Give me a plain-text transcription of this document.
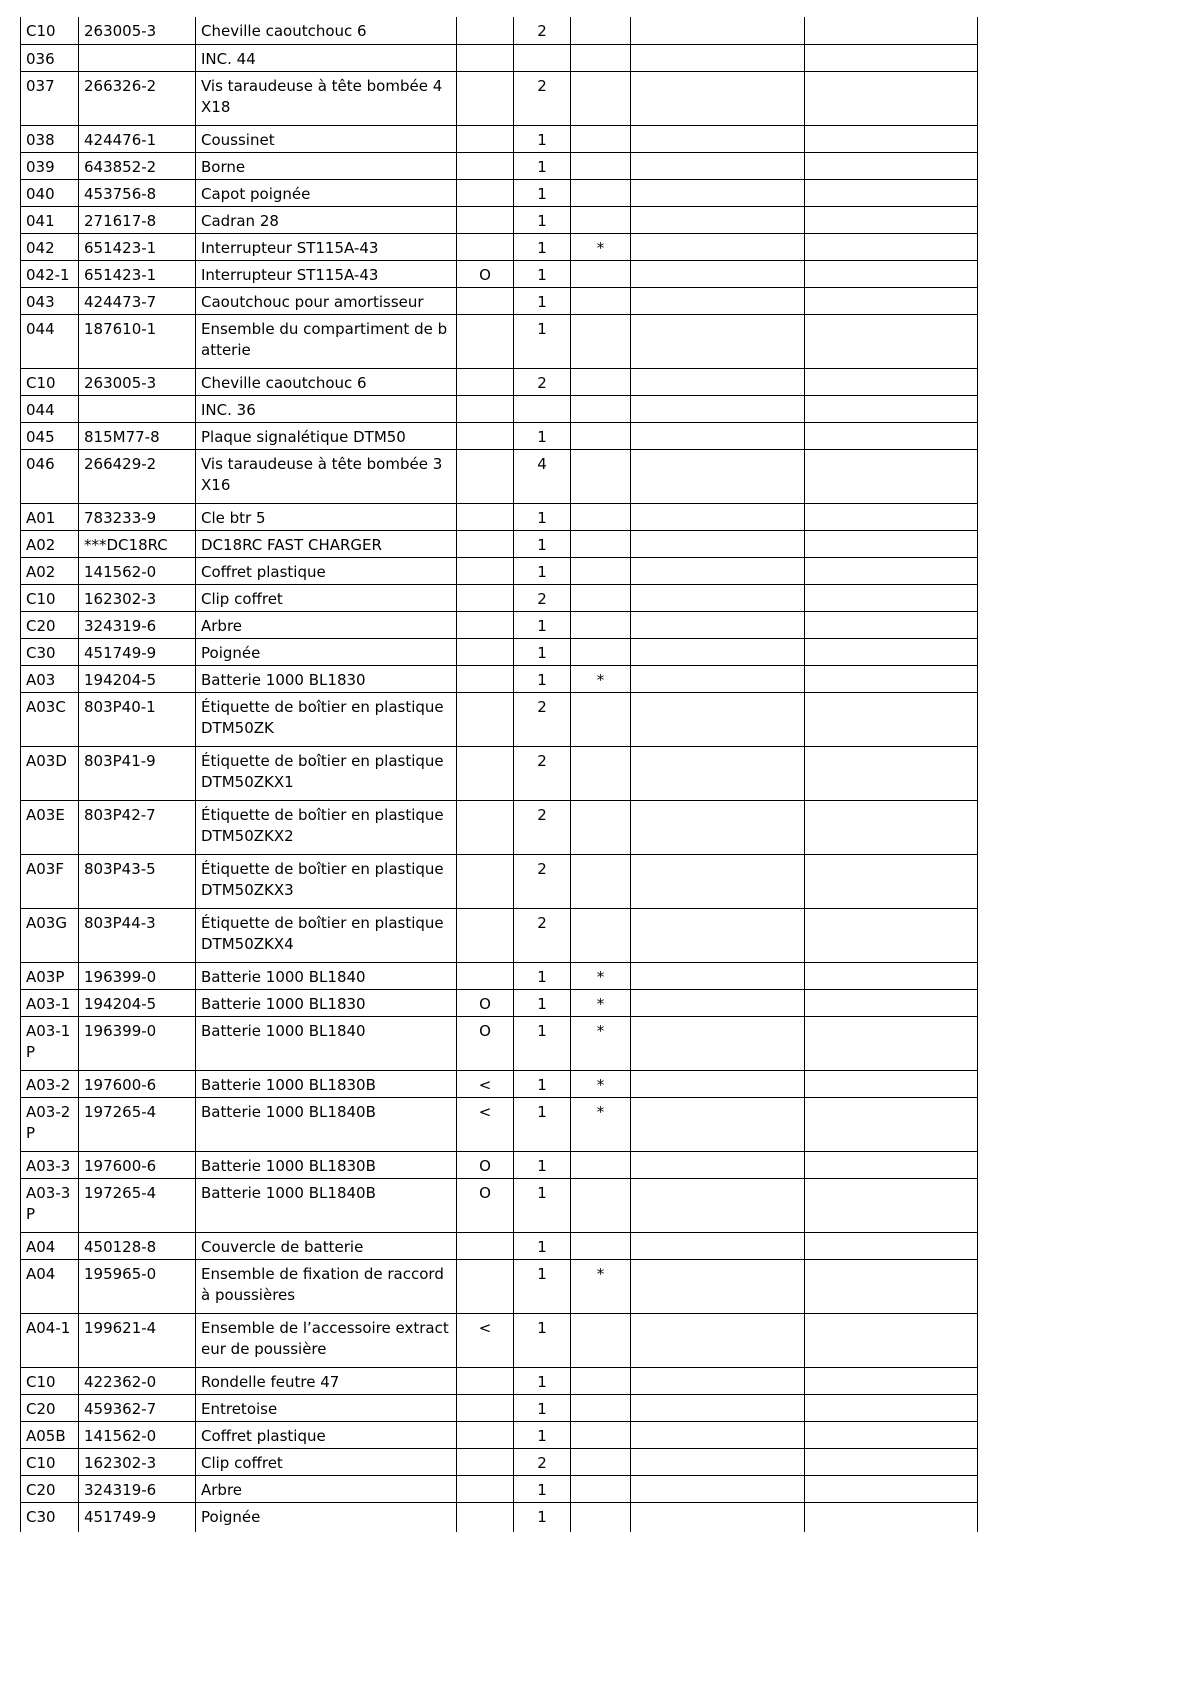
C10	263005-3	Cheville caoutchouc 6		2			
036		INC. 44					
037	266326-2	Vis taraudeuse à tête bombée 4X18		2			
038	424476-1	Coussinet		1			
039	643852-2	Borne		1			
040	453756-8	Capot poignée		1			
041	271617-8	Cadran 28		1			
042	651423-1	Interrupteur ST115A-43		1	*		
042-1	651423-1	Interrupteur ST115A-43	O	1			
043	424473-7	Caoutchouc pour amortisseur		1			
044	187610-1	Ensemble du compartiment de batterie		1			
C10	263005-3	Cheville caoutchouc 6		2			
044		INC. 36					
045	815M77-8	Plaque signalétique DTM50		1			
046	266429-2	Vis taraudeuse à tête bombée 3X16		4			
A01	783233-9	Cle btr 5		1			
A02	***DC18RC	DC18RC FAST CHARGER		1			
A02	141562-0	Coffret plastique		1			
C10	162302-3	Clip coffret		2			
C20	324319-6	Arbre		1			
C30	451749-9	Poignée		1			
A03	194204-5	Batterie 1000 BL1830		1	*		
A03C	803P40-1	Étiquette de boîtier en plastique DTM50ZK		2			
A03D	803P41-9	Étiquette de boîtier en plastique DTM50ZKX1		2			
A03E	803P42-7	Étiquette de boîtier en plastique DTM50ZKX2		2			
A03F	803P43-5	Étiquette de boîtier en plastique DTM50ZKX3		2			
A03G	803P44-3	Étiquette de boîtier en plastique DTM50ZKX4		2			
A03P	196399-0	Batterie 1000 BL1840		1	*		
A03-1	194204-5	Batterie 1000 BL1830	O	1	*		
A03-1P	196399-0	Batterie 1000 BL1840	O	1	*		
A03-2	197600-6	Batterie 1000 BL1830B	<	1	*		
A03-2P	197265-4	Batterie 1000 BL1840B	<	1	*		
A03-3	197600-6	Batterie 1000 BL1830B	O	1			
A03-3P	197265-4	Batterie 1000 BL1840B	O	1			
A04	450128-8	Couvercle de batterie		1			
A04	195965-0	Ensemble de fixation de raccord à poussières		1	*		
A04-1	199621-4	Ensemble de l’accessoire extracteur de poussière	<	1			
C10	422362-0	Rondelle feutre 47		1			
C20	459362-7	Entretoise		1			
A05B	141562-0	Coffret plastique		1			
C10	162302-3	Clip coffret		2			
C20	324319-6	Arbre		1			
C30	451749-9	Poignée		1			
